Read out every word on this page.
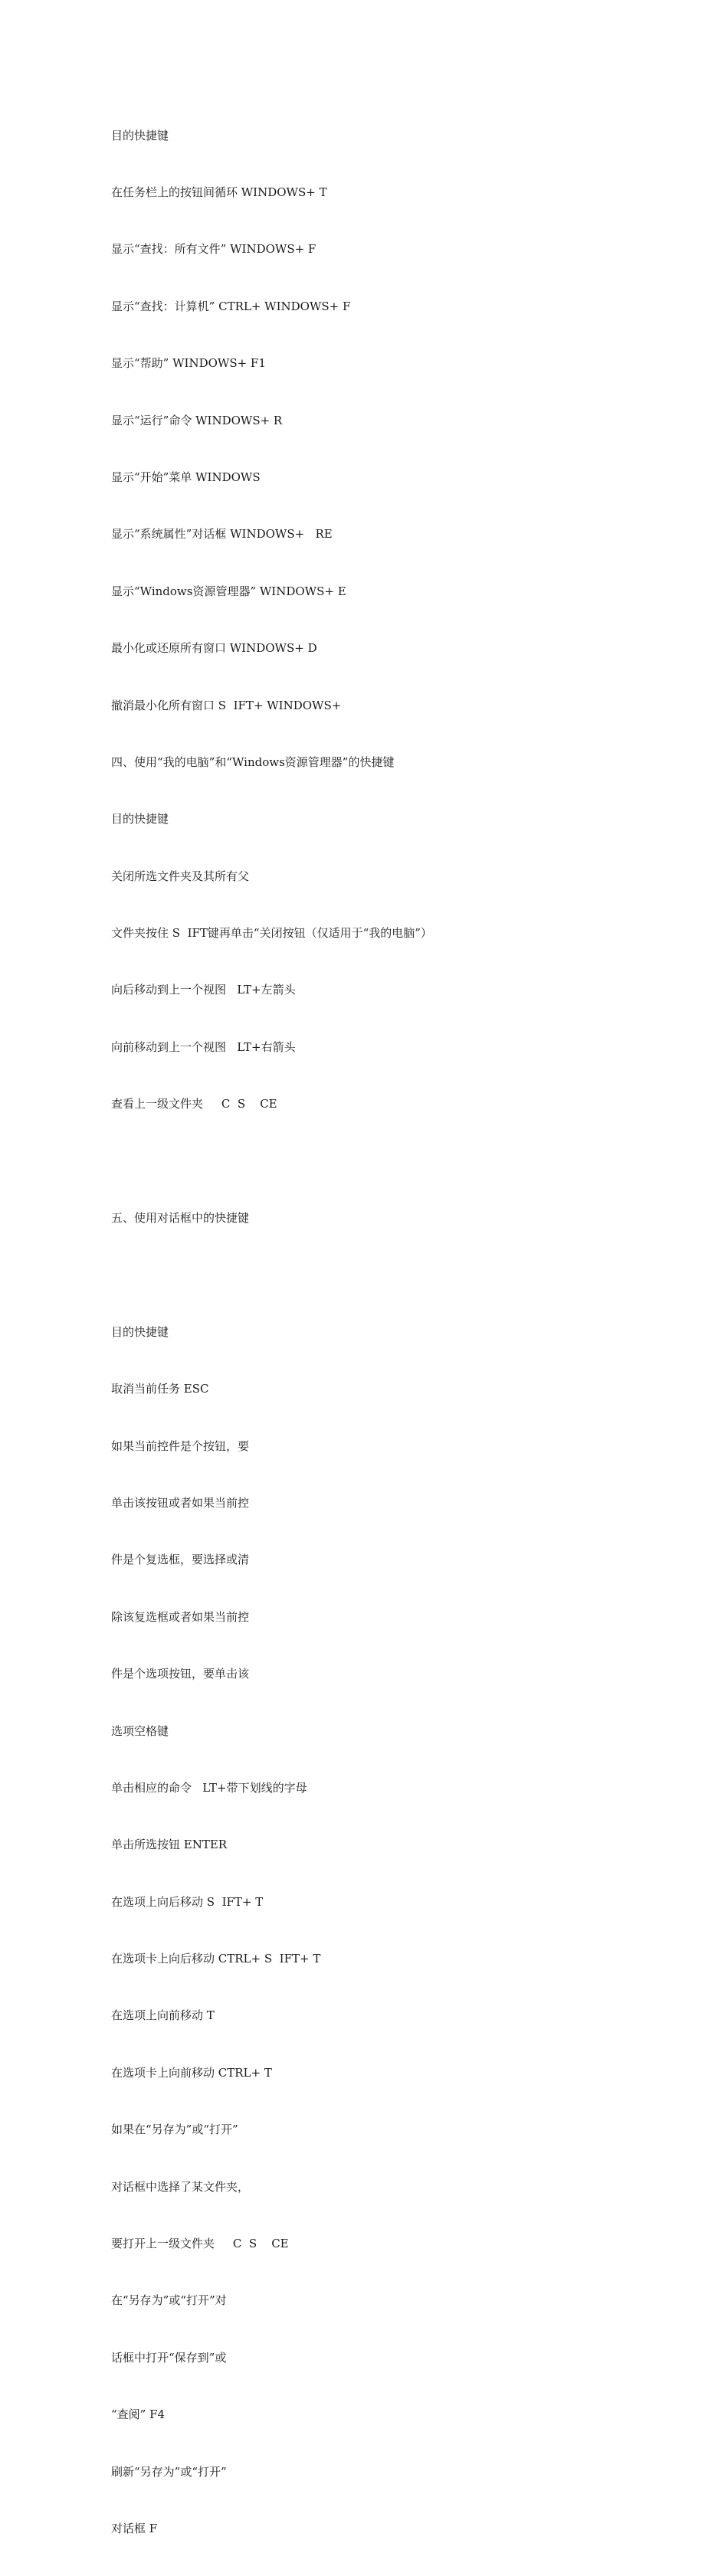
目的快捷键

在任务栏上的按钮间循环 WINDOWS+ T

显示“查找：所有文件” WINDOWS+ F

显示“查找：计算机” CTRL+ WINDOWS+ F

显示“帮助” WINDOWS+ F1

显示“运行”命令 WINDOWS+ R

显示“开始”菜单 WINDOWS

显示“系统属性”对话框 WINDOWS+   RE

显示“Windows资源管理器” WINDOWS+ E

最小化或还原所有窗口 WINDOWS+ D

撤消最小化所有窗口 S  IFT+ WINDOWS+

四、使用“我的电脑”和“Windows资源管理器”的快捷键

目的快捷键

关闭所选文件夹及其所有父

文件夹按住 S  IFT键再单击“关闭按钮（仅适用于“我的电脑”）

向后移动到上一个视图   LT+左箭头

向前移动到上一个视图   LT+右箭头

查看上一级文件夹     C  S    CE

五、使用对话框中的快捷键

目的快捷键

取消当前任务 ESC

如果当前控件是个按钮，要

单击该按钮或者如果当前控

件是个复选框，要选择或清

除该复选框或者如果当前控

件是个选项按钮，要单击该

选项空格键

单击相应的命令   LT+带下划线的字母

单击所选按钮 ENTER

在选项上向后移动 S  IFT+ T

在选项卡上向后移动 CTRL+ S  IFT+ T

在选项上向前移动 T

在选项卡上向前移动 CTRL+ T

如果在“另存为”或“打开”

对话框中选择了某文件夹，

要打开上一级文件夹     C  S    CE

在“另存为”或“打开”对

话框中打开“保存到”或

“查阅” F4

刷新“另存为”或“打开”

对话框 F
